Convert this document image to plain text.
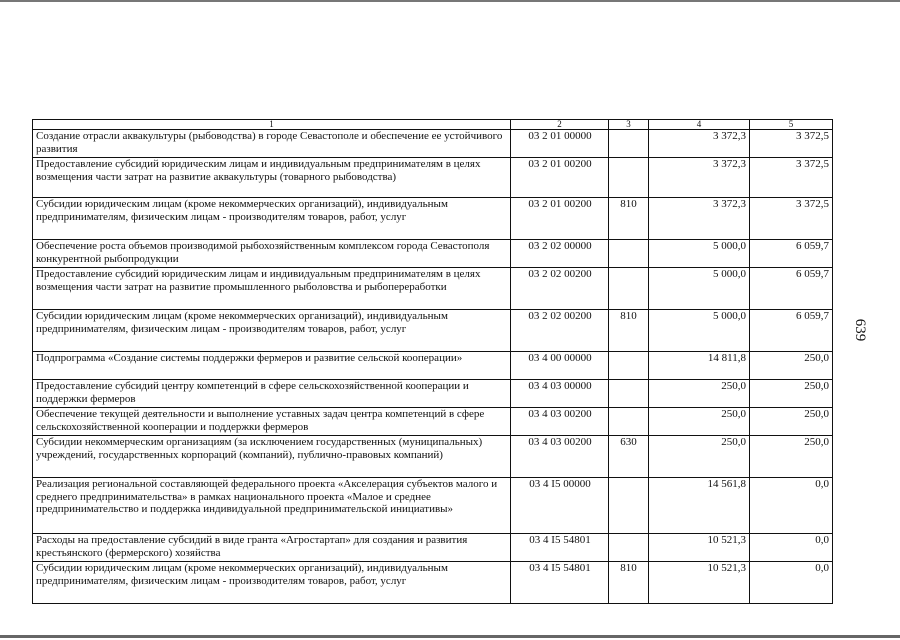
1	2	3	4	5
Создание отрасли аквакультуры (рыбоводства) в городе Севастополе и обеспечение ее устойчивого развития	03 2 01 00000		3 372,3	3 372,5
Предоставление субсидий юридическим лицам и индивидуальным предпринимателям в целях возмещения части затрат на развитие аквакультуры (товарного рыбоводства)	03 2 01 00200		3 372,3	3 372,5
Субсидии юридическим лицам (кроме некоммерческих организаций), индивидуальным предпринимателям, физическим лицам - производителям товаров, работ, услуг	03 2 01 00200	810	3 372,3	3 372,5
Обеспечение роста объемов производимой рыбохозяйственным комплексом города Севастополя конкурентной рыбопродукции	03 2 02 00000		5 000,0	6 059,7
Предоставление субсидий юридическим лицам и индивидуальным предпринимателям в целях возмещения части затрат на развитие промышленного рыболовства и рыбопереработки	03 2 02 00200		5 000,0	6 059,7
Субсидии юридическим лицам (кроме некоммерческих организаций), индивидуальным предпринимателям, физическим лицам - производителям товаров, работ, услуг	03 2 02 00200	810	5 000,0	6 059,7
Подпрограмма «Создание системы поддержки фермеров и развитие сельской кооперации»	03 4 00 00000		14 811,8	250,0
Предоставление субсидий центру компетенций в сфере сельскохозяйственной кооперации и поддержки фермеров	03 4 03 00000		250,0	250,0
Обеспечение текущей деятельности и выполнение уставных задач центра компетенций в сфере сельскохозяйственной кооперации и поддержки фермеров	03 4 03 00200		250,0	250,0
Субсидии некоммерческим организациям (за исключением государственных (муниципальных) учреждений, государственных корпораций (компаний), публично-правовых компаний)	03 4 03 00200	630	250,0	250,0
Реализация региональной составляющей федерального проекта «Акселерация субъектов малого и среднего предпринимательства» в рамках национального проекта «Малое и среднее предпринимательство и поддержка индивидуальной предпринимательской инициативы»	03 4 I5 00000		14 561,8	0,0
Расходы на предоставление субсидий в виде гранта «Агростартап» для создания и развития крестьянского (фермерского) хозяйства	03 4 I5 54801		10 521,3	0,0
Субсидии юридическим лицам (кроме некоммерческих организаций), индивидуальным предпринимателям, физическим лицам - производителям товаров, работ, услуг	03 4 I5 54801	810	10 521,3	0,0
639
